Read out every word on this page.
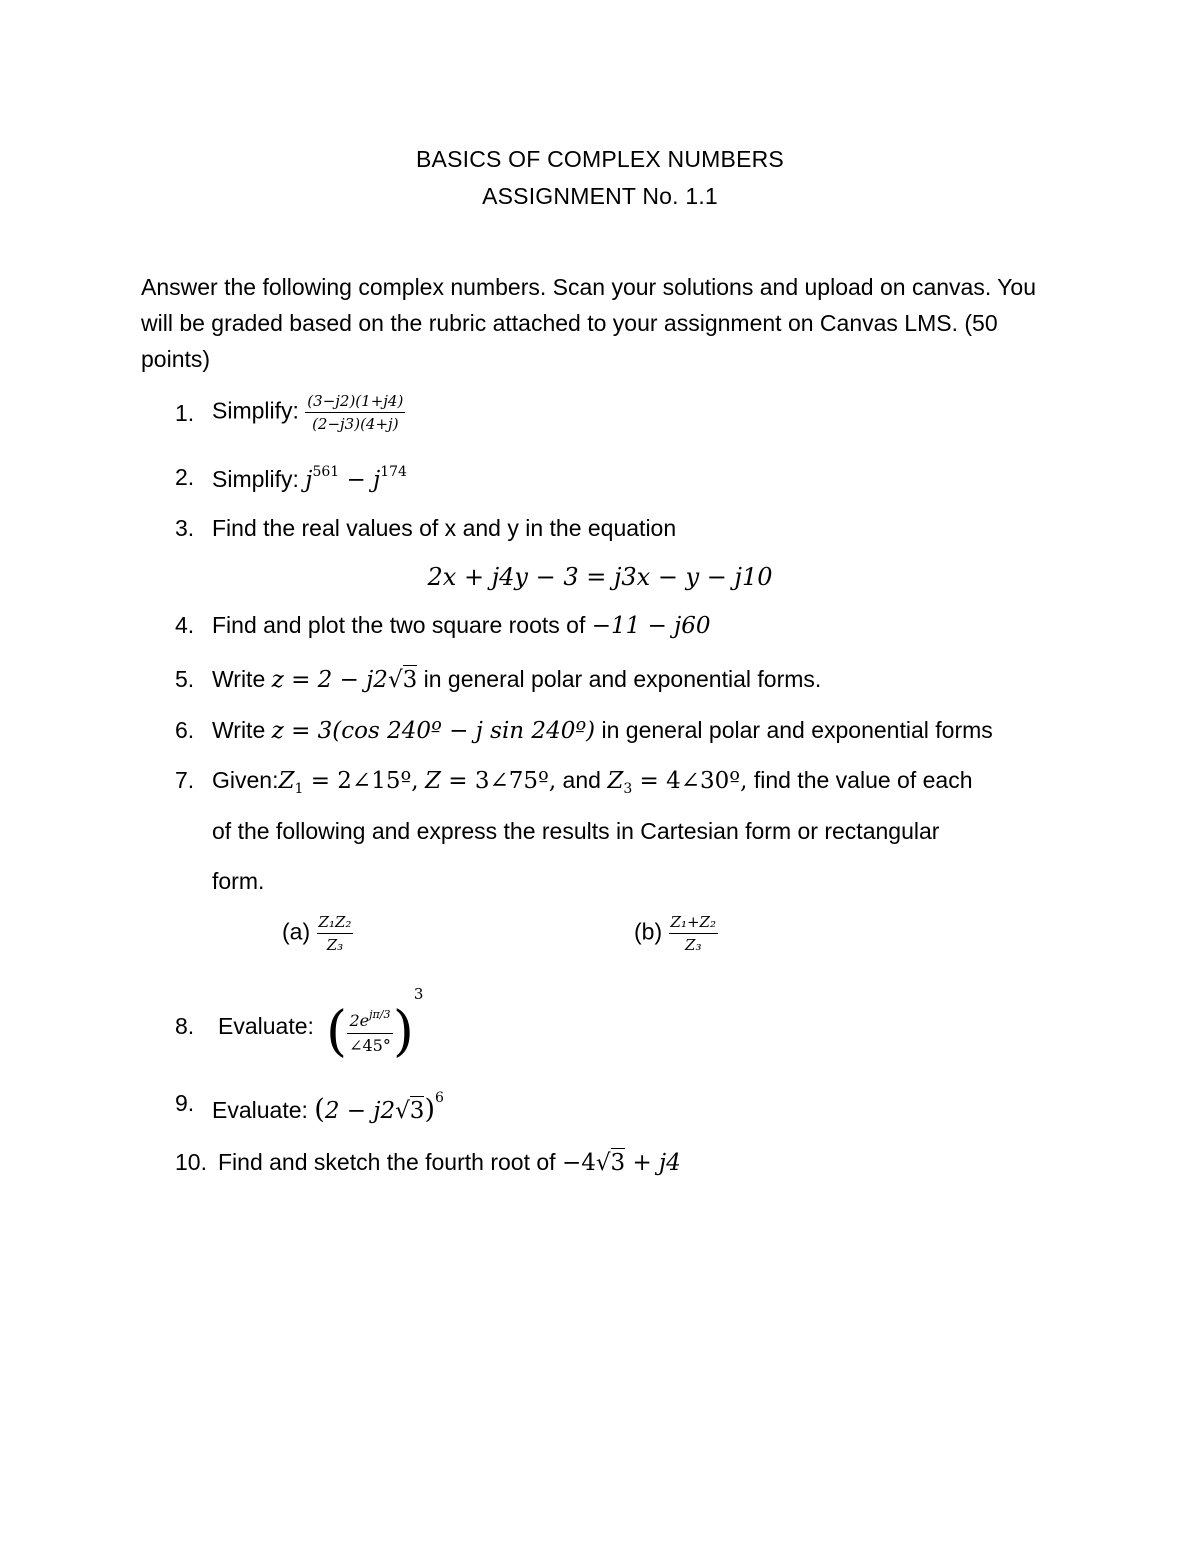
BASICS OF COMPLEX NUMBERS
ASSIGNMENT No. 1.1
Answer the following complex numbers. Scan your solutions and upload on canvas. You will be graded based on the rubric attached to your assignment on Canvas LMS. (50 points)
1. Simplify: $\frac{(3-j2)(1+j4)}{(2-j3)(4+j)}$
2. Simplify: $j^{561} - j^{174}$
3. Find the real values of x and y in the equation
2x + j4y − 3 = j3x − y − j10
4. Find and plot the two square roots of −11 − j60
5. Write z = 2 − j2√3 in general polar and exponential forms.
6. Write z = 3(cos 240º − j sin 240º) in general polar and exponential forms
7. $Given:Z_1$ = 2∠15º, Z = 3∠75º, and $Z_3$ = 4∠30º, find the value of each
of the following and express the results in Cartesian form or rectangular
form.
$(a) \frac{\text{Z₁Z₂}}{\text{Z₃}}$	$(b) \frac{\text{Z₁+Z₂}}{\text{Z₃}}$
8. Evaluate: ( $\frac{2e^{j\pi/3}}{\angle 45^\circ} )^3$
9. Evaluate: $(2 - j2√3)^6$
10. Find and sketch the fourth root of −4√3 + j4
